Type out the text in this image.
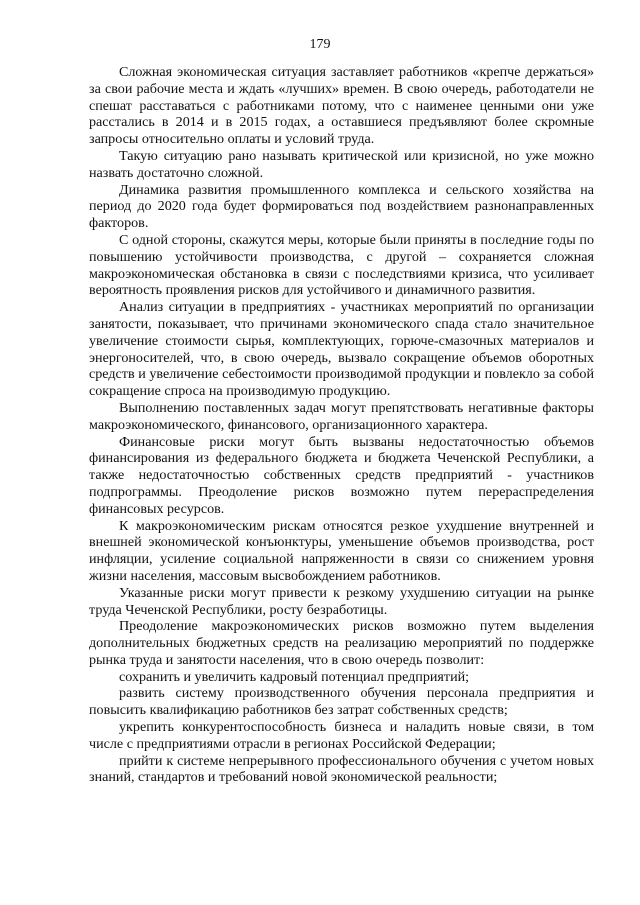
179

Сложная экономическая ситуация заставляет работников «крепче держаться» за свои рабочие места и ждать «лучших» времен. В свою очередь, работодатели не спешат расставаться с работниками потому, что с наименее ценными они уже расстались в 2014 и в 2015 годах, а оставшиеся предъявляют более скромные запросы относительно оплаты и условий труда.

Такую ситуацию рано называть критической или кризисной, но уже можно назвать достаточно сложной.

Динамика развития промышленного комплекса и сельского хозяйства на период до 2020 года будет формироваться под воздействием разнонаправленных факторов.

С одной стороны, скажутся меры, которые были приняты в последние годы по повышению устойчивости производства, с другой – сохраняется сложная макроэкономическая обстановка в связи с последствиями кризиса, что усиливает вероятность проявления рисков для устойчивого и динамичного развития.

Анализ ситуации в предприятиях - участниках мероприятий по организации занятости, показывает, что причинами экономического спада стало значительное увеличение стоимости сырья, комплектующих, горюче-смазочных материалов и энергоносителей, что, в свою очередь, вызвало сокращение объемов оборотных средств и увеличение себестоимости производимой продукции и повлекло за собой сокращение спроса на производимую продукцию.

Выполнению поставленных задач могут препятствовать негативные факторы макроэкономического, финансового, организационного характера.

Финансовые риски могут быть вызваны недостаточностью объемов финансирования из федерального бюджета и бюджета Чеченской Республики, а также недостаточностью собственных средств предприятий - участников подпрограммы. Преодоление рисков возможно путем перераспределения финансовых ресурсов.

К макроэкономическим рискам относятся резкое ухудшение внутренней и внешней экономической конъюнктуры, уменьшение объемов производства, рост инфляции, усиление социальной напряженности в связи со снижением уровня жизни населения, массовым высвобождением работников.

Указанные риски могут привести к резкому ухудшению ситуации на рынке труда Чеченской Республики, росту безработицы.

Преодоление макроэкономических рисков возможно путем выделения дополнительных бюджетных средств на реализацию мероприятий по поддержке рынка труда и занятости населения, что в свою очередь позволит:

сохранить и увеличить кадровый потенциал предприятий;

развить систему производственного обучения персонала предприятия и повысить квалификацию работников без затрат собственных средств;

укрепить конкурентоспособность бизнеса и наладить новые связи, в том числе с предприятиями отрасли в регионах Российской Федерации;

прийти к системе непрерывного профессионального обучения с учетом новых знаний, стандартов и требований новой экономической реальности;
